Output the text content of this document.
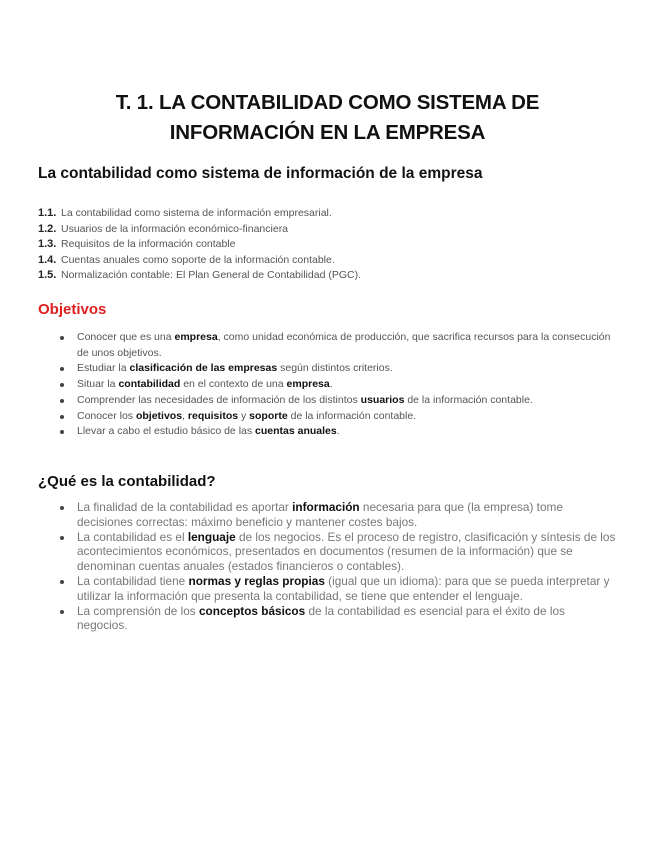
T. 1. LA CONTABILIDAD COMO SISTEMA DE
INFORMACIÓN EN LA EMPRESA
La contabilidad como sistema de información de la empresa
1.1. La contabilidad como sistema de información empresarial.
1.2. Usuarios de la información económico-financiera
1.3. Requisitos de la información contable
1.4. Cuentas anuales como soporte de la información contable.
1.5. Normalización contable: El Plan General de Contabilidad (PGC).
Objetivos
Conocer que es una empresa, como unidad económica de producción, que sacrifica recursos para la consecución de unos objetivos.
Estudiar la clasificación de las empresas según distintos criterios.
Situar la contabilidad en el contexto de una empresa.
Comprender las necesidades de información de los distintos usuarios de la información contable.
Conocer los objetivos, requisitos y soporte de la información contable.
Llevar a cabo el estudio básico de las cuentas anuales.
¿Qué es la contabilidad?
La finalidad de la contabilidad es aportar información necesaria para que (la empresa) tome decisiones correctas: máximo beneficio y mantener costes bajos.
La contabilidad es el lenguaje de los negocios. Es el proceso de registro, clasificación y síntesis de los acontecimientos económicos, presentados en documentos (resumen de la información) que se denominan cuentas anuales (estados financieros o contables).
La contabilidad tiene normas y reglas propias (igual que un idioma): para que se pueda interpretar y utilizar la información que presenta la contabilidad, se tiene que entender el lenguaje.
La comprensión de los conceptos básicos de la contabilidad es esencial para el éxito de los negocios.
